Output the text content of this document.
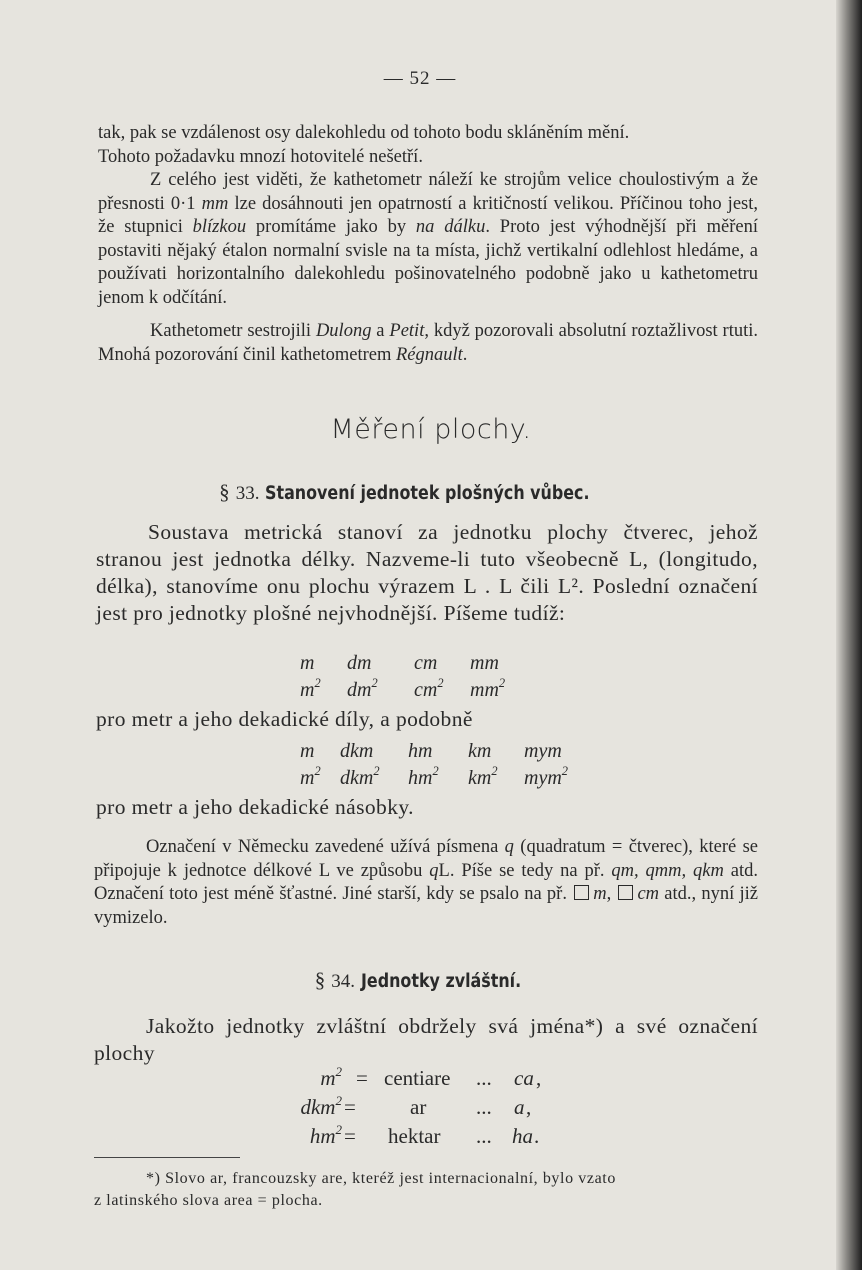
— 52 —

tak, pak se vzdálenost osy dalekohledu od tohoto bodu skláněním mění.
Tohoto požadavku mnozí hotovitelé nešetří.

Z celého jest viděti, že kathetometr náleží ke strojům velice choulostivým a že přesnosti 0·1 mm lze dosáhnouti jen opatrností a kritičností velikou. Příčinou toho jest, že stupnici blízkou promítáme jako by na dálku. Proto jest výhodnější při měření postaviti nějaký étalon normalní svisle na ta místa, jichž vertikalní odlehlost hledáme, a používati horizontalního dalekohledu pošinovatelného podobně jako u kathetometru jenom k odčítání.

Kathetometr sestrojili Dulong a Petit, když pozorovali absolutní roztažlivost rtuti. Mnohá pozorování činil kathetometrem Régnault.

Měření plochy.
§ 33. Stanovení jednotek plošných vůbec.

Soustava metrická stanoví za jednotku plochy čtverec, jehož stranou jest jednotka délky. Nazveme-li tuto všeobecně L, (longitudo, délka), stanovíme onu plochu výrazem L . L čili L². Poslední označení jest pro jednotky plošné nejvhodnější. Píšeme tudíž:

m dm cm mm
$m^2$ $dm^2$ $cm^2$ $mm^2$

pro metr a jeho dekadické díly, a podobně

m dkm hm km mym
$m^2$ dkm$^2$ $hm^2$ $km^2$ mym$^2$

pro metr a jeho dekadické násobky.

Označení v Německu zavedené užívá písmena q (quadratum = čtverec), které se připojuje k jednotce délkové L ve způsobu qL. Píše se tedy na př. qm, qmm, qkm atd. Označení toto jest méně šťastné. Jiné starší, kdy se psalo na př. m, cm atd., nyní již vymizelo.

§ 34. Jednotky zvláštní.

Jakožto jednotky zvláštní obdržely svá jména*) a své označení plochy

$m^2$ = centiare ... ca ,
dkm$^2$ =	ar ... a ,
$hm^2$ = hektar ... ha .
*) Slovo ar, francouzsky are, kteréž jest internacionalní, bylo vzato
z latinského slova area = plocha.
